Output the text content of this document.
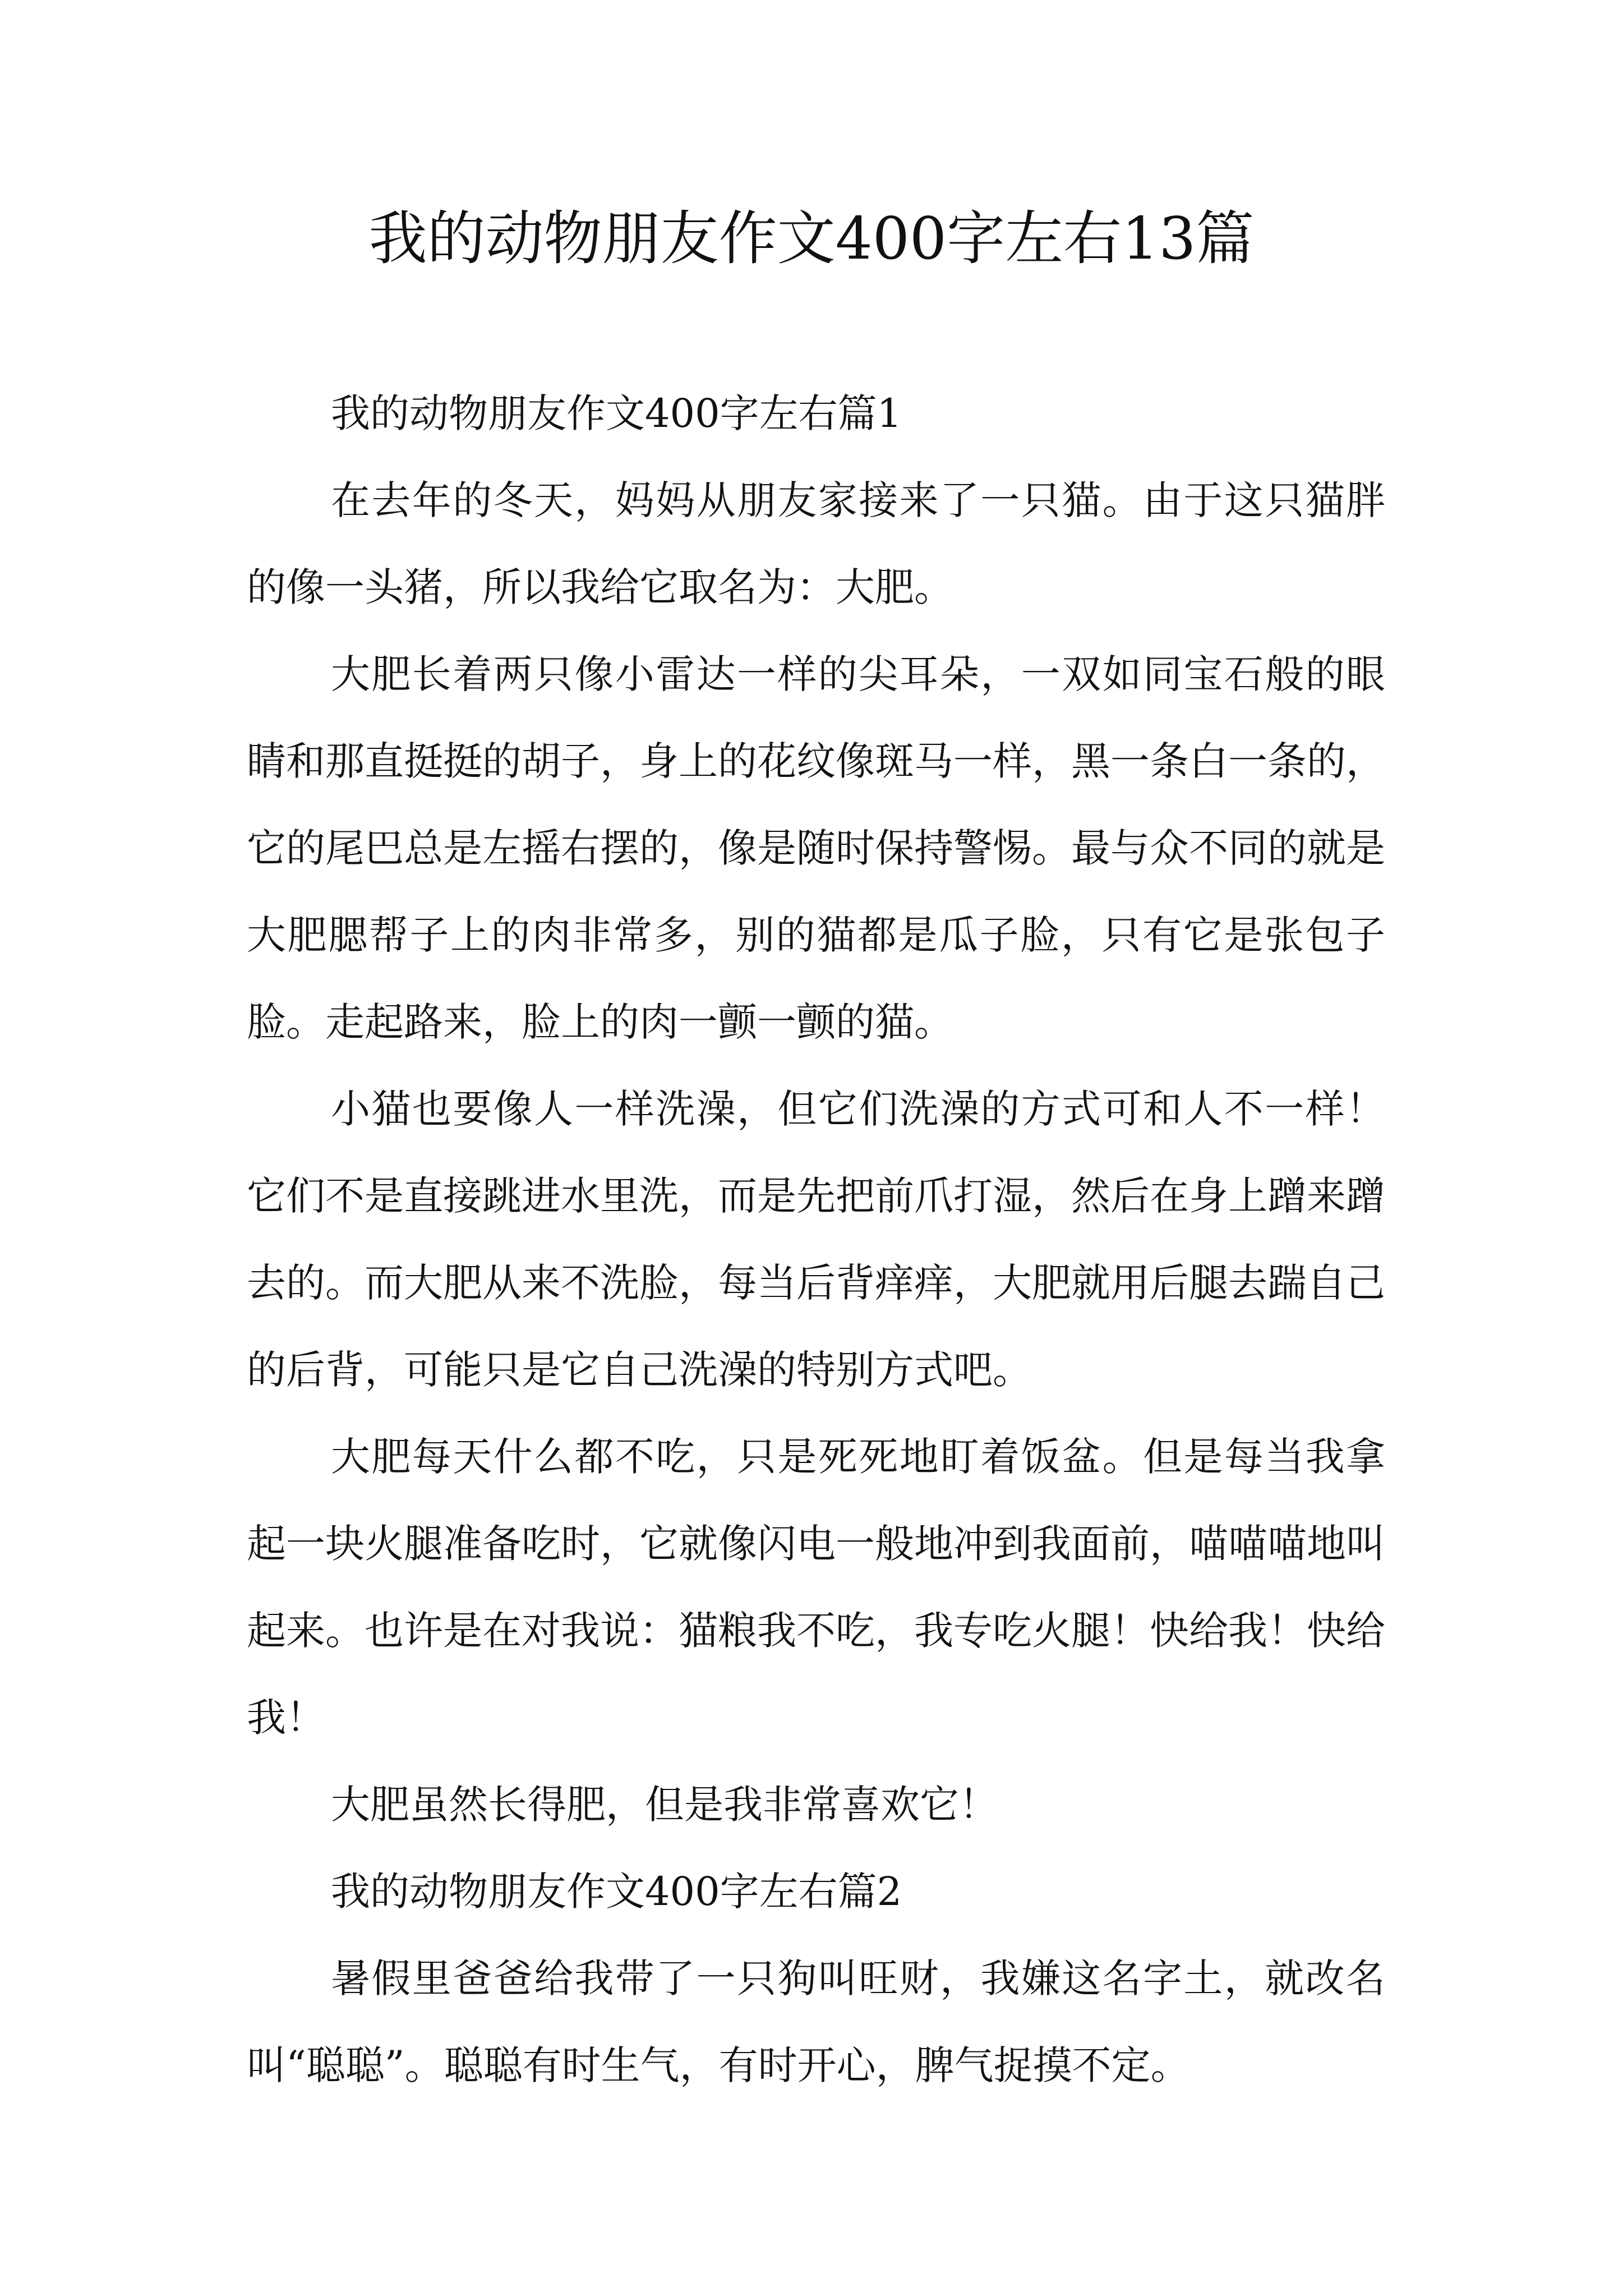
我的动物朋友作文400字左右13篇

我的动物朋友作文400字左右篇1

在去年的冬天，妈妈从朋友家接来了一只猫。由于这只猫胖的像一头猪，所以我给它取名为：大肥。

大肥长着两只像小雷达一样的尖耳朵，一双如同宝石般的眼睛和那直挺挺的胡子，身上的花纹像斑马一样，黑一条白一条的，它的尾巴总是左摇右摆的，像是随时保持警惕。最与众不同的就是大肥腮帮子上的肉非常多，别的猫都是瓜子脸，只有它是张包子脸。走起路来，脸上的肉一颤一颤的猫。

小猫也要像人一样洗澡，但它们洗澡的方式可和人不一样！它们不是直接跳进水里洗，而是先把前爪打湿，然后在身上蹭来蹭去的。而大肥从来不洗脸，每当后背痒痒，大肥就用后腿去踹自己的后背，可能只是它自己洗澡的特别方式吧。

大肥每天什么都不吃，只是死死地盯着饭盆。但是每当我拿起一块火腿准备吃时，它就像闪电一般地冲到我面前，喵喵喵地叫起来。也许是在对我说：猫粮我不吃，我专吃火腿！快给我！快给我！

大肥虽然长得肥，但是我非常喜欢它！

我的动物朋友作文400字左右篇2

暑假里爸爸给我带了一只狗叫旺财，我嫌这名字土，就改名叫“聪聪”。聪聪有时生气，有时开心，脾气捉摸不定。
